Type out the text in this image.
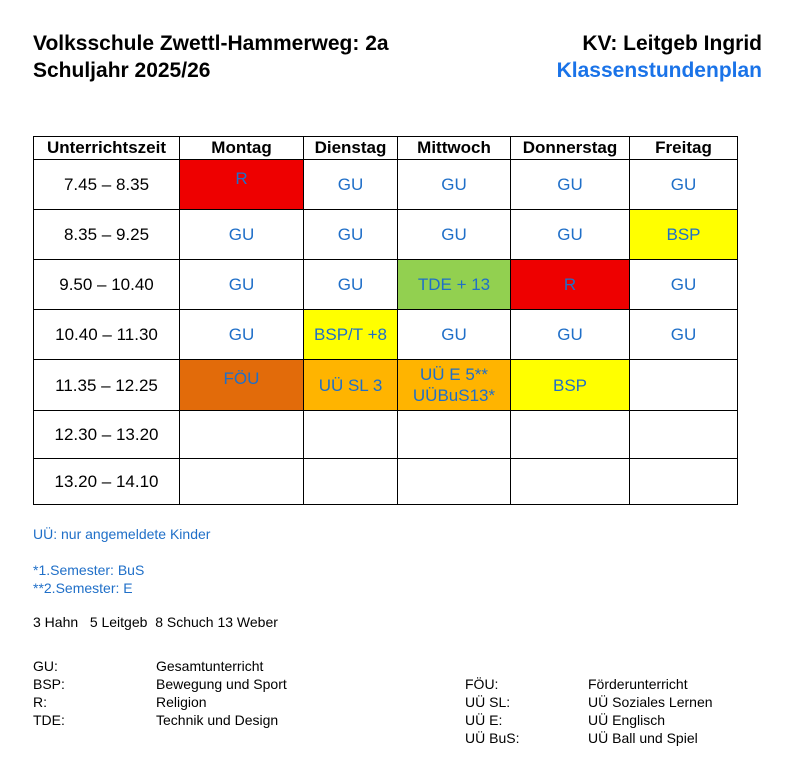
Volksschule Zwettl-Hammerweg: 2a
Schuljahr 2025/26
KV: Leitgeb Ingrid
Klassenstundenplan
Unterrichtszeit	Montag	Dienstag	Mittwoch	Donnerstag	Freitag
7.45 – 8.35	R	GU	GU	GU	GU
8.35 – 9.25	GU	GU	GU	GU	BSP
9.50 – 10.40	GU	GU	TDE + 13	R	GU
10.40 – 11.30	GU	BSP/T +8	GU	GU	GU
11.35 – 12.25	FÖU	UÜ SL 3	UÜ E 5** UÜBuS13*	BSP	
12.30 – 13.20					
13.20 – 14.10					
UÜ: nur angemeldete Kinder
*1.Semester: BuS
**2.Semester: E
3 Hahn   5 Leitgeb  8 Schuch 13 Weber
GU:	Gesamtunterricht
BSP:	Bewegung und Sport
R:	Religion
TDE:	Technik und Design
FÖU:	Förderunterricht
UÜ SL:	UÜ Soziales Lernen
UÜ E:	UÜ Englisch
UÜ BuS:	UÜ Ball und Spiel
